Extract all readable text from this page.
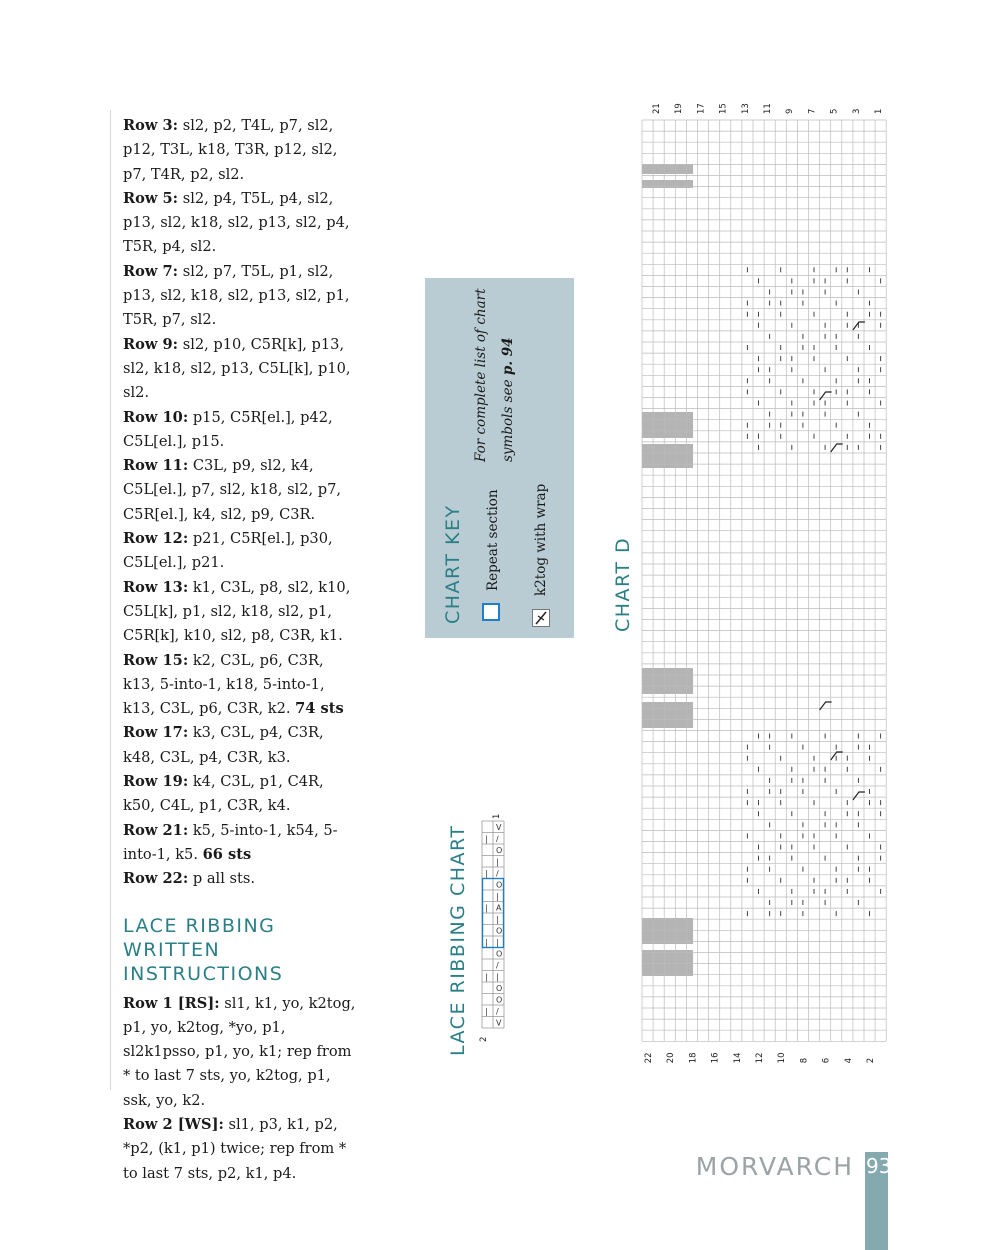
Row 3: sl2, p2, T4L, p7, sl2, p12, T3L, k18, T3R, p12, sl2, p7, T4R, p2, sl2.

Row 5: sl2, p4, T5L, p4, sl2, p13, sl2, k18, sl2, p13, sl2, p4, T5R, p4, sl2.

Row 7: sl2, p7, T5L, p1, sl2, p13, sl2, k18, sl2, p13, sl2, p1, T5R, p7, sl2.

Row 9: sl2, p10, C5R[k], p13, sl2, k18, sl2, p13, C5L[k], p10, sl2.

Row 10: p15, C5R[el.], p42, C5L[el.], p15.

Row 11: C3L, p9, sl2, k4, C5L[el.], p7, sl2, k18, sl2, p7, C5R[el.], k4, sl2, p9, C3R.

Row 12: p21, C5R[el.], p30, C5L[el.], p21.

Row 13: k1, C3L, p8, sl2, k10, C5L[k], p1, sl2, k18, sl2, p1, C5R[k], k10, sl2, p8, C3R, k1.

Row 15: k2, C3L, p6, C3R, k13, 5-into-1, k18, 5-into-1, k13, C3L, p6, C3R, k2. 74 sts

Row 17: k3, C3L, p4, C3R, k48, C3L, p4, C3R, k3.

Row 19: k4, C3L, p1, C4R, k50, C4L, p1, C3R, k4.

Row 21: k5, 5-into-1, k54, 5-into-1, k5. 66 sts

Row 22: p all sts.

LACE RIBBING WRITTEN INSTRUCTIONS

Row 1 [RS]: sl1, k1, yo, k2tog, p1, yo, k2tog, *yo, p1, sl2k1psso, p1, yo, k1; rep from * to last 7 sts, yo, k2tog, p1, ssk, yo, k2.

Row 2 [WS]: sl1, p3, k1, p2, *p2, (k1, p1) twice; rep from * to last 7 sts, p2, k1, p4.

CHART KEY
For complete list of chart symbols see p. 94
Repeat section k2tog with wrap
LACE RIBBING CHART	V
/
|
O
|
/
|
O
|
A
|
|
O
|
|
O
/
|
|
O
O
/
|
V
2
1
CHART D
21 19 17 15 13 11 9 7 5 3 1
22 20 18 16 14 12 10 8 6 4 2
MORVARCH 93
